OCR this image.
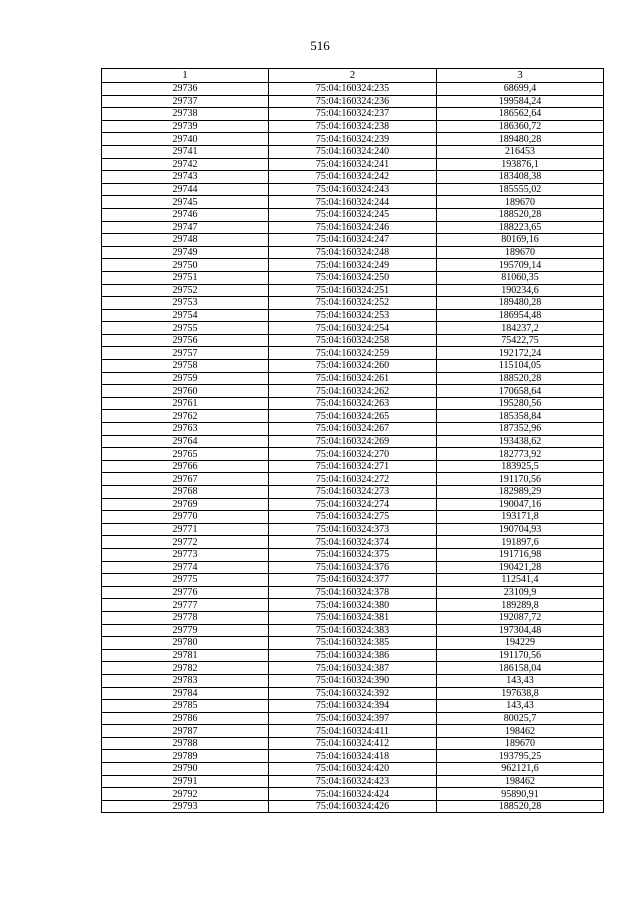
516
1	2	3
29736	75:04:160324:235	68699,4
29737	75:04:160324:236	199584,24
29738	75:04:160324:237	186562,64
29739	75:04:160324:238	186360,72
29740	75:04:160324:239	189480,28
29741	75:04:160324:240	216453
29742	75:04:160324:241	193876,1
29743	75:04:160324:242	183408,38
29744	75:04:160324:243	185555,02
29745	75:04:160324:244	189670
29746	75:04:160324:245	188520,28
29747	75:04:160324:246	188223,65
29748	75:04:160324:247	80169,16
29749	75:04:160324:248	189670
29750	75:04:160324:249	195709,14
29751	75:04:160324:250	81060,35
29752	75:04:160324:251	190234,6
29753	75:04:160324:252	189480,28
29754	75:04:160324:253	186954,48
29755	75:04:160324:254	184237,2
29756	75:04:160324:258	75422,75
29757	75:04:160324:259	192172,24
29758	75:04:160324:260	115104,05
29759	75:04:160324:261	188520,28
29760	75:04:160324:262	170658,64
29761	75:04:160324:263	195280,56
29762	75:04:160324:265	185358,84
29763	75:04:160324:267	187352,96
29764	75:04:160324:269	193438,62
29765	75:04:160324:270	182773,92
29766	75:04:160324:271	183925,5
29767	75:04:160324:272	191170,56
29768	75:04:160324:273	182989,29
29769	75:04:160324:274	190047,16
29770	75:04:160324:275	193171,8
29771	75:04:160324:373	190704,93
29772	75:04:160324:374	191897,6
29773	75:04:160324:375	191716,98
29774	75:04:160324:376	190421,28
29775	75:04:160324:377	112541,4
29776	75:04:160324:378	23109,9
29777	75:04:160324:380	189289,8
29778	75:04:160324:381	192087,72
29779	75:04:160324:383	197304,48
29780	75:04:160324:385	194229
29781	75:04:160324:386	191170,56
29782	75:04:160324:387	186158,04
29783	75:04:160324:390	143,43
29784	75:04:160324:392	197638,8
29785	75:04:160324:394	143,43
29786	75:04:160324:397	80025,7
29787	75:04:160324:411	198462
29788	75:04:160324:412	189670
29789	75:04:160324:418	193795,25
29790	75:04:160324:420	962121,6
29791	75:04:160324:423	198462
29792	75:04:160324:424	95890,91
29793	75:04:160324:426	188520,28
